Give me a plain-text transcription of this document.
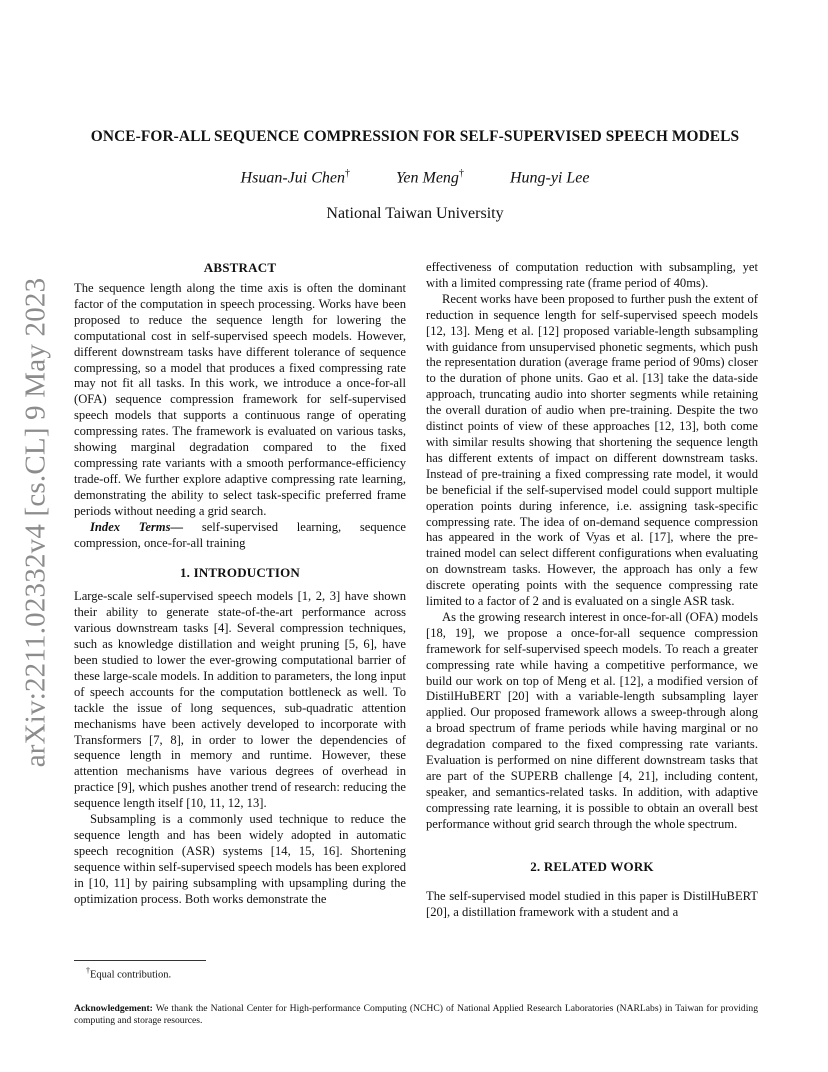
arXiv:2211.02332v4 [cs.CL] 9 May 2023
ONCE-FOR-ALL SEQUENCE COMPRESSION FOR SELF-SUPERVISED SPEECH MODELS
Hsuan-Jui Chen†	Yen Meng†	Hung-yi Lee
National Taiwan University
ABSTRACT

The sequence length along the time axis is often the dominant factor of the computation in speech processing. Works have been proposed to reduce the sequence length for lowering the computational cost in self-supervised speech models. However, different downstream tasks have different tolerance of sequence compressing, so a model that produces a fixed compressing rate may not fit all tasks. In this work, we introduce a once-for-all (OFA) sequence compression framework for self-supervised speech models that supports a continuous range of operating compressing rates. The framework is evaluated on various tasks, showing marginal degradation compared to the fixed compressing rate variants with a smooth performance-efficiency trade-off. We further explore adaptive compressing rate learning, demonstrating the ability to select task-specific preferred frame periods without needing a grid search.

Index Terms— self-supervised learning, sequence compression, once-for-all training

1. INTRODUCTION

Large-scale self-supervised speech models [1, 2, 3] have shown their ability to generate state-of-the-art performance across various downstream tasks [4]. Several compression techniques, such as knowledge distillation and weight pruning [5, 6], have been studied to lower the ever-growing computational barrier of these large-scale models. In addition to parameters, the long input of speech accounts for the computation bottleneck as well. To tackle the issue of long sequences, sub-quadratic attention mechanisms have been actively developed to incorporate with Transformers [7, 8], in order to lower the dependencies of sequence length in memory and runtime. However, these attention mechanisms have various degrees of overhead in practice [9], which pushes another trend of research: reducing the sequence length itself [10, 11, 12, 13].

Subsampling is a commonly used technique to reduce the sequence length and has been widely adopted in automatic speech recognition (ASR) systems [14, 15, 16]. Shortening sequence within self-supervised speech models has been explored in [10, 11] by pairing subsampling with upsampling during the optimization process. Both works demonstrate the

effectiveness of computation reduction with subsampling, yet with a limited compressing rate (frame period of 40ms).

Recent works have been proposed to further push the extent of reduction in sequence length for self-supervised speech models [12, 13]. Meng et al. [12] proposed variable-length subsampling with guidance from unsupervised phonetic segments, which push the representation duration (average frame period of 90ms) closer to the duration of phone units. Gao et al. [13] take the data-side approach, truncating audio into shorter segments while retaining the overall duration of audio when pre-training. Despite the two distinct points of view of these approaches [12, 13], both come with similar results showing that shortening the sequence length has different extents of impact on different downstream tasks. Instead of pre-training a fixed compressing rate model, it would be beneficial if the self-supervised model could support multiple operation points during inference, i.e. assigning task-specific compressing rate. The idea of on-demand sequence compression has appeared in the work of Vyas et al. [17], where the pre-trained model can select different configurations when evaluating on downstream tasks. However, the approach has only a few discrete operating points with the sequence compressing rate limited to a factor of 2 and is evaluated on a single ASR task.

As the growing research interest in once-for-all (OFA) models [18, 19], we propose a once-for-all sequence compression framework for self-supervised speech models. To reach a greater compressing rate while having a competitive performance, we build our work on top of Meng et al. [12], a modified version of DistilHuBERT [20] with a variable-length subsampling layer applied. Our proposed framework allows a sweep-through along a broad spectrum of frame periods while having marginal or no degradation compared to the fixed compressing rate variants. Evaluation is performed on nine different downstream tasks that are part of the SUPERB challenge [4, 21], including content, speaker, and semantics-related tasks. In addition, with adaptive compressing rate learning, it is possible to obtain an overall best performance without grid search through the whole spectrum.

2. RELATED WORK

The self-supervised model studied in this paper is DistilHuBERT [20], a distillation framework with a student and a

†Equal contribution.
Acknowledgement: We thank the National Center for High-performance Computing (NCHC) of National Applied Research Laboratories (NARLabs) in Taiwan for providing computing and storage resources.
